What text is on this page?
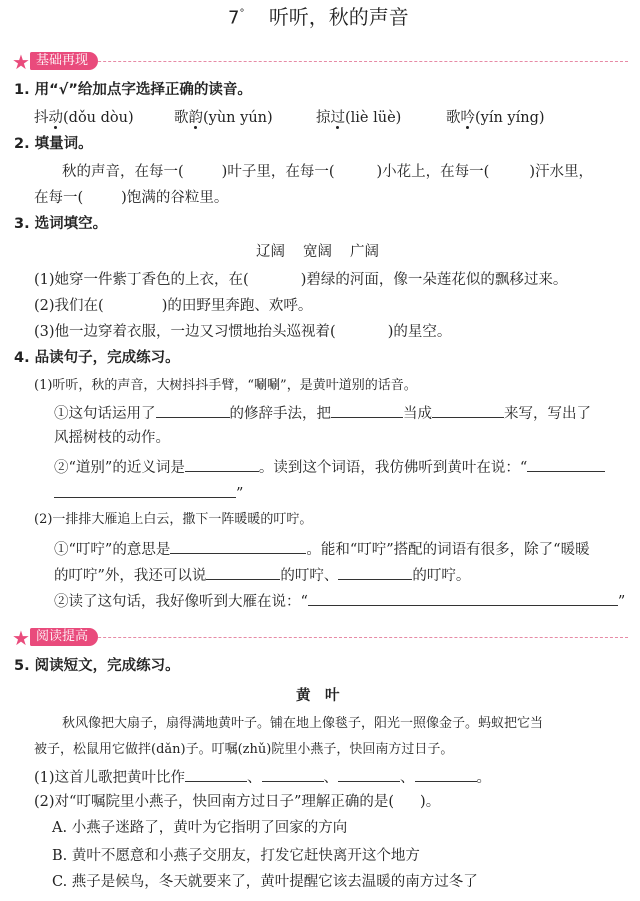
7° 听听，秋的声音
★ 基础再现
1. 用“√”给加点字选择正确的读音。
抖动(dǒu dòu)	歌韵(yùn yún)	掠过(liè lüè)	歌吟(yín yíng)
2. 填量词。
秋的声音，在每一(	)叶子里，在每一(	)小花上，在每一(	)汗水里，
在每一(	)饱满的谷粒里。
3. 选词填空。
辽阔 宽阔 广阔
(1)她穿一件紫丁香色的上衣，在(	)碧绿的河面，像一朵莲花似的飘移过来。
(2)我们在(	)的田野里奔跑、欢呼。
(3)他一边穿着衣服，一边又习惯地抬头巡视着(	)的星空。
4. 品读句子，完成练习。
(1)听听，秋的声音，大树抖抖手臂，“唰唰”，是黄叶道别的话音。
①这句话运用了	的修辞手法，把	当成	来写，写出了
风摇树枝的动作。
②“道别”的近义词是	。读到这个词语，我仿佛听到黄叶在说：“
”
(2)一排排大雁追上白云，撒下一阵暖暖的叮咛。
①“叮咛”的意思是	。能和“叮咛”搭配的词语有很多，除了“暖暖
的叮咛”外，我还可以说	的叮咛、	的叮咛。
②读了这句话，我好像听到大雁在说：“	”
★ 阅读提高
5. 阅读短文，完成练习。
黄　叶
秋风像把大扇子，扇得满地黄叶子。铺在地上像毯子，阳光一照像金子。蚂蚁把它当
被子，松鼠用它做拌(dǎn)子。叮嘱(zhǔ)院里小燕子，快回南方过日子。
(1)这首儿歌把黄叶比作	、	、	、	。
(2)对“叮嘱院里小燕子，快回南方过日子”理解正确的是( )。
A. 小燕子迷路了，黄叶为它指明了回家的方向
B. 黄叶不愿意和小燕子交朋友，打发它赶快离开这个地方
C. 燕子是候鸟，冬天就要来了，黄叶提醒它该去温暖的南方过冬了
